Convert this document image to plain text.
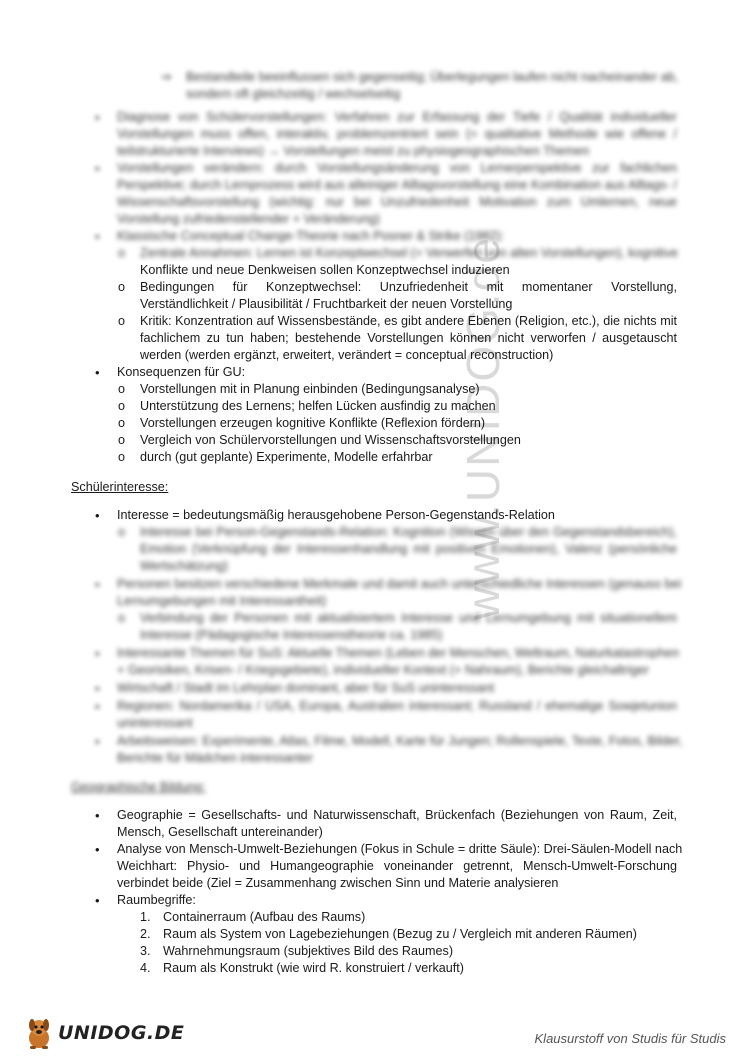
www.UNIDOG.de
⇒ Bestandteile beeinflussen sich gegenseitig; Überlegungen laufen nicht nacheinander ab,
sondern oft gleichzeitig / wechselseitig
• Diagnose von Schülervorstellungen: Verfahren zur Erfassung der Tiefe / Qualität individueller
Vorstellungen muss offen, interaktiv, problemzentriert sein (= qualitative Methode wie offene /
teilstrukturierte Interviews) → Vorstellungen meist zu physiogeographischen Themen
• Vorstellungen verändern: durch Vorstellungsänderung von Lernerperspektive zur fachlichen
Perspektive; durch Lernprozess wird aus alleiniger Alltagsvorstellung eine Kombination aus Alltags- /
Wissenschaftsvorstellung (wichtig: nur bei Unzufriedenheit Motivation zum Umlernen, neue
Vorstellung zufriedenstellender + Veränderung)
• Klassische Conceptual Change-Theorie nach Posner & Strike (1982):
o Zentrale Annahmen: Lernen ist Konzeptwechsel (= Verwerfen von alten Vorstellungen), kognitive
Konflikte und neue Denkweisen sollen Konzeptwechsel induzieren
o Bedingungen für Konzeptwechsel: Unzufriedenheit mit momentaner Vorstellung,
Verständlichkeit / Plausibilität / Fruchtbarkeit der neuen Vorstellung
o Kritik: Konzentration auf Wissensbestände, es gibt andere Ebenen (Religion, etc.), die nichts mit
fachlichem zu tun haben; bestehende Vorstellungen können nicht verworfen / ausgetauscht
werden (werden ergänzt, erweitert, verändert = conceptual reconstruction)
• Konsequenzen für GU:
o Vorstellungen mit in Planung einbinden (Bedingungsanalyse)
o Unterstützung des Lernens; helfen Lücken ausfindig zu machen
o Vorstellungen erzeugen kognitive Konflikte (Reflexion fördern)
o Vergleich von Schülervorstellungen und Wissenschaftsvorstellungen
o durch (gut geplante) Experimente, Modelle erfahrbar
Schülerinteresse:
• Interesse = bedeutungsmäßig herausgehobene Person-Gegenstands-Relation
o Interesse bei Person-Gegenstands-Relation: Kognition (Wissen über den Gegenstandsbereich),
Emotion (Verknüpfung der Interessenhandlung mit positiven Emotionen), Valenz (persönliche
Wertschätzung)
• Personen besitzen verschiedene Merkmale und damit auch unterschiedliche Interessen (genauso bei
Lernumgebungen mit Interessantheit)
o Verbindung der Personen mit aktualisiertem Interesse und Lernumgebung mit situationellem
Interesse (Pädagogische Interessenstheorie ca. 1985)
• Interessante Themen für SuS: Aktuelle Themen (Leben der Menschen, Weltraum, Naturkatastrophen
+ Georisiken, Krisen- / Kriegsgebiete), individueller Kontext (+ Nahraum), Berichte gleichaltriger
• Wirtschaft / Stadt im Lehrplan dominant, aber für SuS uninteressant
• Regionen: Nordamerika / USA, Europa, Australien interessant; Russland / ehemalige Sowjetunion
uninteressant
• Arbeitsweisen: Experimente, Atlas, Filme, Modell, Karte für Jungen; Rollenspiele, Texte, Fotos, Bilder,
Berichte für Mädchen interessanter
Geographische Bildung:
• Geographie = Gesellschafts- und Naturwissenschaft, Brückenfach (Beziehungen von Raum, Zeit,
Mensch, Gesellschaft untereinander)
• Analyse von Mensch-Umwelt-Beziehungen (Fokus in Schule = dritte Säule): Drei-Säulen-Modell nach
Weichhart: Physio- und Humangeographie voneinander getrennt, Mensch-Umwelt-Forschung
verbindet beide (Ziel = Zusammenhang zwischen Sinn und Materie analysieren
• Raumbegriffe:
1. Containerraum (Aufbau des Raums)
2. Raum als System von Lagebeziehungen (Bezug zu / Vergleich mit anderen Räumen)
3. Wahrnehmungsraum (subjektives Bild des Raumes)
4. Raum als Konstrukt (wie wird R. konstruiert / verkauft)
UNIDOG.DE	Klausurstoff von Studis für Studis
